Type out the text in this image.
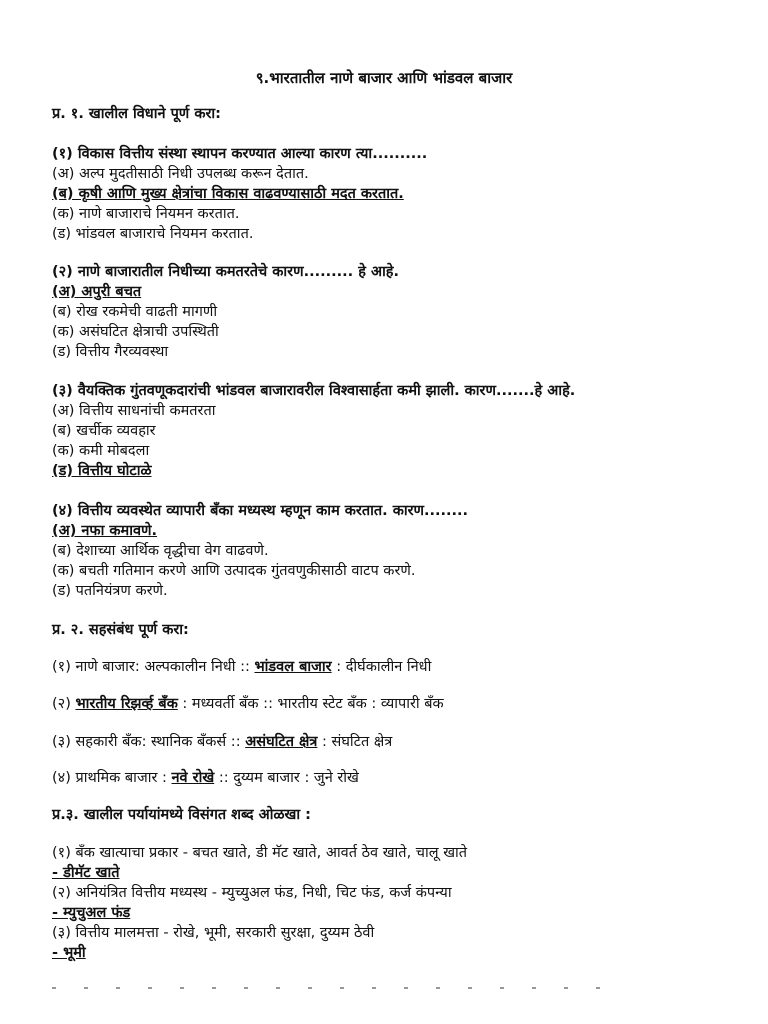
९.भारतातील नाणे बाजार आणि भांडवल बाजार
प्र. १. खालील विधाने पूर्ण करा:
(१) विकास वित्तीय संस्था स्थापन करण्यात आल्या कारण त्या..........
(अ) अल्प मुदतीसाठी निधी उपलब्ध करून देतात.
(ब) कृषी आणि मुख्य क्षेत्रांचा विकास वाढवण्यासाठी मदत करतात.
(क) नाणे बाजाराचे नियमन करतात.
(ड) भांडवल बाजाराचे नियमन करतात.
(२) नाणे बाजारातील निधीच्या कमतरतेचे कारण......... हे आहे.
(अ) अपुरी बचत
(ब) रोख रकमेची वाढती मागणी
(क) असंघटित क्षेत्राची उपस्थिती
(ड) वित्तीय गैरव्यवस्था
(३) वैयक्तिक गुंतवणूकदारांची भांडवल बाजारावरील विश्वासार्हता कमी झाली. कारण.......हे आहे.
(अ) वित्तीय साधनांची कमतरता
(ब) खर्चीक व्यवहार
(क) कमी मोबदला
(ड) वित्तीय घोटाळे
(४) वित्तीय व्यवस्थेत व्यापारी बँका मध्यस्थ म्हणून काम करतात. कारण........
(अ) नफा कमावणे.
(ब) देशाच्या आर्थिक वृद्धीचा वेग वाढवणे.
(क) बचती गतिमान करणे आणि उत्पादक गुंतवणुकीसाठी वाटप करणे.
(ड) पतनियंत्रण करणे.
प्र. २. सहसंबंध पूर्ण करा:
(१) नाणे बाजार: अल्पकालीन निधी :: भांडवल बाजार : दीर्घकालीन निधी
(२) भारतीय रिझर्व्ह बँक : मध्यवर्ती बँक :: भारतीय स्टेट बँक : व्यापारी बँक
(३) सहकारी बँक: स्थानिक बँकर्स :: असंघटित क्षेत्र : संघटित क्षेत्र
(४) प्राथमिक बाजार : नवे रोखे :: दुय्यम बाजार : जुने रोखे
प्र.३. खालील पर्यायांमध्ये विसंगत शब्द ओळखा :
(१) बँक खात्याचा प्रकार - बचत खाते, डी मॅट खाते, आवर्त ठेव खाते, चालू खाते
- डीमॅट खाते
(२) अनियंत्रित वित्तीय मध्यस्थ - म्युच्युअल फंड, निधी, चिट फंड, कर्ज कंपन्या
- म्युचुअल फंड
(३) वित्तीय मालमत्ता - रोखे, भूमी, सरकारी सुरक्षा, दुय्यम ठेवी
- भूमी
